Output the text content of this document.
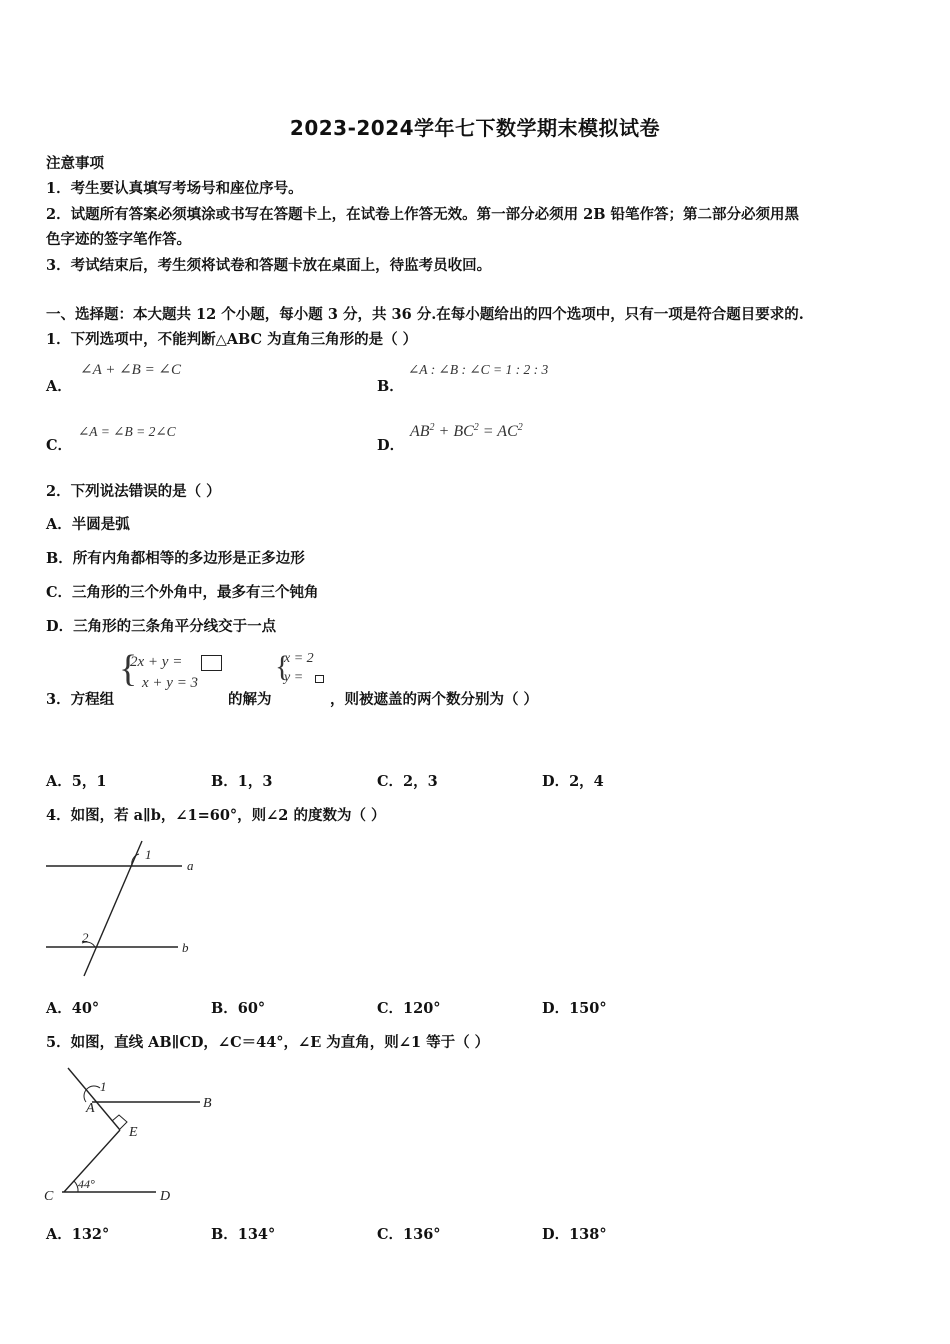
2023-2024学年七下数学期末模拟试卷
注意事项
1．考生要认真填写考场号和座位序号。
2．试题所有答案必须填涂或书写在答题卡上，在试卷上作答无效。第一部分必须用 2B 铅笔作答；第二部分必须用黑
色字迹的签字笔作答。
3．考试结束后，考生须将试卷和答题卡放在桌面上，待监考员收回。
一、选择题：本大题共 12 个小题，每小题 3 分，共 36 分.在每小题给出的四个选项中，只有一项是符合题目要求的.
1．下列选项中，不能判断△ABC 为直角三角形的是（ ）
A．
∠A + ∠B = ∠C
B．
∠A : ∠B : ∠C = 1 : 2 : 3
C．
∠A = ∠B = 2∠C
D．
$AB^2 + BC^2 = AC^2$
2．下列说法错误的是（ ）
A．半圆是弧
B．所有内角都相等的多边形是正多边形
C．三角形的三个外角中，最多有三个钝角
D．三角形的三条角平分线交于一点
3．方程组
{
2x + y =
x + y = 3
的解为
{
x = 2
y =
，则被遮盖的两个数分别为（ ）
A．5，1	B．1，3	C．2，3	D．2，4
4．如图，若 a∥b，∠1=60°，则∠2 的度数为（ ）
1
2
a
b
A．40°	B．60°	C．120°	D．150°
5．如图，直线 AB∥CD，∠C＝44°，∠E 为直角，则∠1 等于（ ）
1
A	B
E
C	D
44°
A．132°	B．134°	C．136°	D．138°
